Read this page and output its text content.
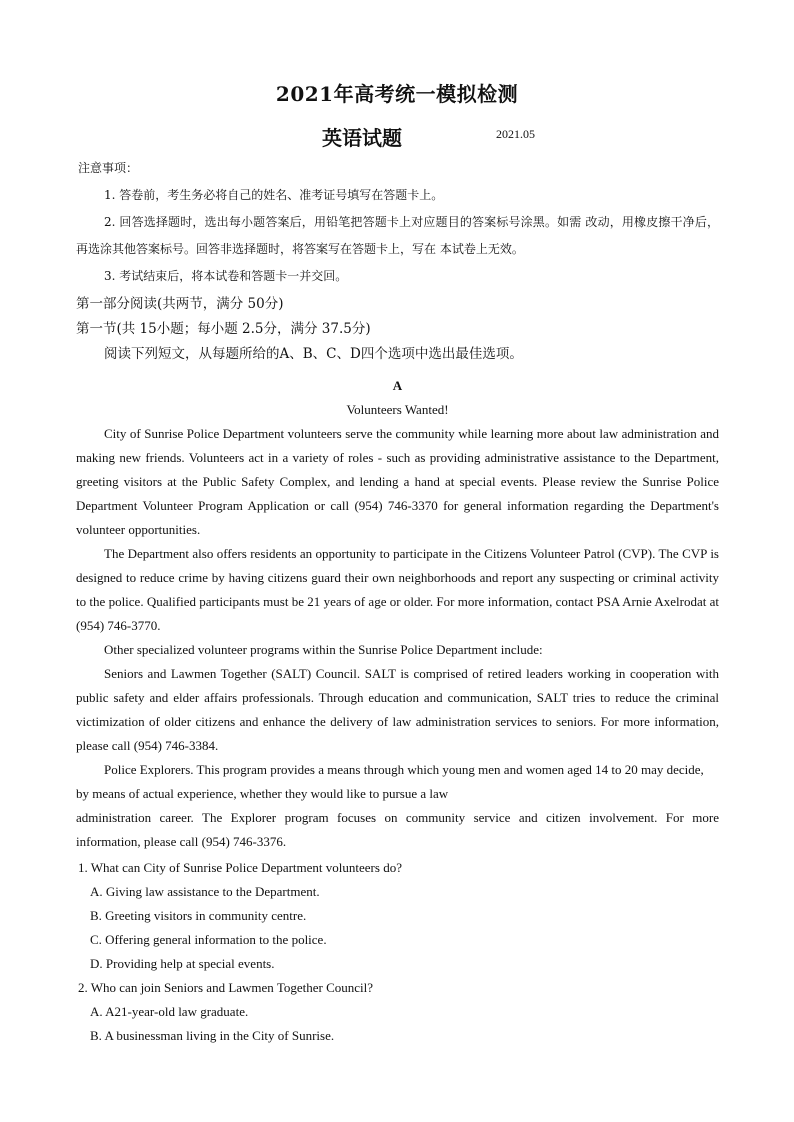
2021年高考统一模拟检测
英语试题	2021.05
注意事项：

1. 答卷前，考生务必将自己的姓名、准考证号填写在答题卡上。

2. 回答选择题时，选出每小题答案后，用铅笔把答题卡上对应题目的答案标号涂黑。如需 改动，用橡皮擦干净后，再选涂其他答案标号。回答非选择题时，将答案写在答题卡上，写在 本试卷上无效。

3. 考试结束后，将本试卷和答题卡一并交回。

第一部分阅读(共两节，满分 50分)

第一节(共 15小题；每小题 2.5分，满分 37.5分)

阅读下列短文，从每题所给的A、B、C、D四个选项中选出最佳选项。

A

Volunteers Wanted!

City of Sunrise Police Department volunteers serve the community while learning more about law administration and making new friends. Volunteers act in a variety of roles - such as providing administrative assistance to the Department, greeting visitors at the Public Safety Complex, and lending a hand at special events. Please review the Sunrise Police Department Volunteer Program Application or call (954) 746-3370 for general information regarding the Department's volunteer opportunities.

The Department also offers residents an opportunity to participate in the Citizens Volunteer Patrol (CVP). The CVP is designed to reduce crime by having citizens guard their own neighborhoods and report any suspecting or criminal activity to the police. Qualified participants must be 21 years of age or older. For more information, contact PSA Arnie Axelrodat at (954) 746-3770.

Other specialized volunteer programs within the Sunrise Police Department include:

Seniors and Lawmen Together (SALT) Council. SALT is comprised of retired leaders working in cooperation with public safety and elder affairs professionals. Through education and communication, SALT tries to reduce the criminal victimization of older citizens and enhance the delivery of law administration services to seniors. For more information, please call (954) 746-3384.

Police Explorers. This program provides a means through which young men and women aged 14 to 20 may decide, by means of actual experience, whether they would like to pursue a law

administration career. The Explorer program focuses on community service and citizen involvement. For more information, please call (954) 746-3376.

1. What can City of Sunrise Police Department volunteers do?

A. Giving law assistance to the Department.

B. Greeting visitors in community centre.

C. Offering general information to the police.

D. Providing help at special events.

2. Who can join Seniors and Lawmen Together Council?

A. A21-year-old law graduate.

B. A businessman living in the City of Sunrise.
